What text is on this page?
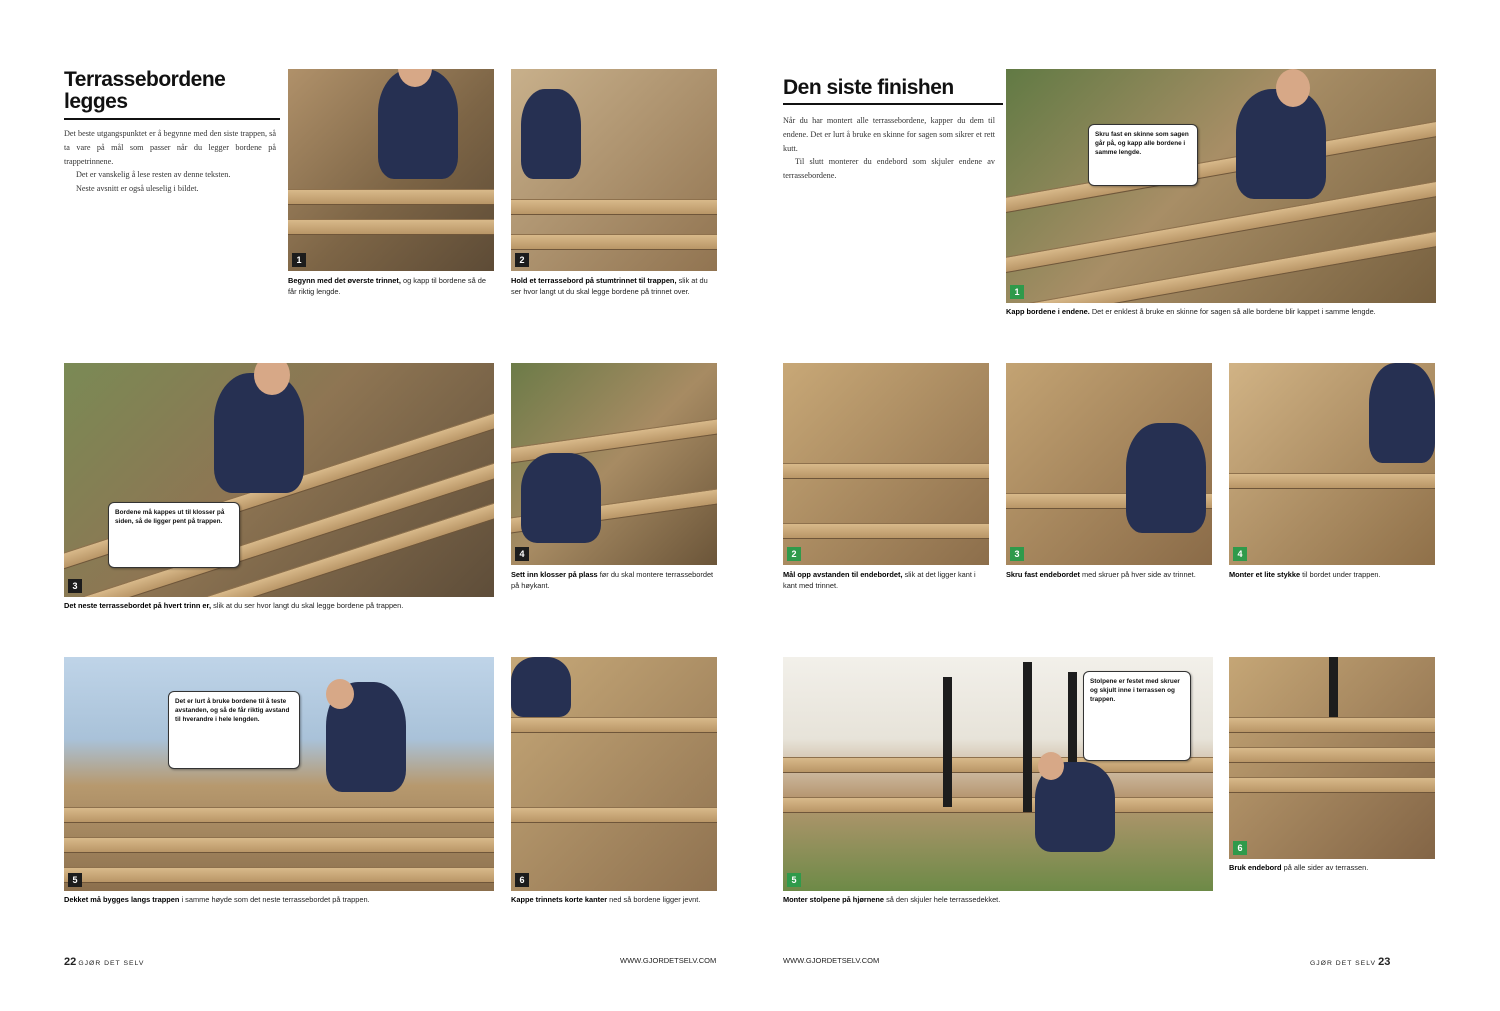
Terrassebordene legges

Det beste utgangspunktet er å begynne med den siste trappen, så ta vare på mål som passer når du legger bordene på trappetrinnene.

Det er vanskelig å lese resten av denne teksten.

Neste avsnitt er også uleselig i bildet.

1
Begynn med det øverste trinnet, og kapp til bordene så de får riktig lengde.
2
Hold et terrassebord på stumtrinnet til trappen, slik at du ser hvor langt ut du skal legge bordene på trinnet over.
Bordene må kappes ut til klosser på siden, så de ligger pent på trappen.
3
Det neste terrassebordet på hvert trinn er, slik at du ser hvor langt du skal legge bordene på trappen.
4
Sett inn klosser på plass før du skal montere terrassebordet på høykant.
Det er lurt å bruke bordene til å teste avstanden, og så de får riktig avstand til hverandre i hele lengden.
5
Dekket må bygges langs trappen i samme høyde som det neste terrassebordet på trappen.
6
Kappe trinnets korte kanter ned så bordene ligger jevnt.
22 GJØR DET SELV	WWW.GJORDETSELV.COM
Den siste finishen

Når du har montert alle terrassebordene, kapper du dem til endene. Det er lurt å bruke en skinne for sagen som sikrer et rett kutt.

Til slutt monterer du endebord som skjuler endene av terrassebordene.

Skru fast en skinne som sagen går på, og kapp alle bordene i samme lengde.
1
Kapp bordene i endene. Det er enklest å bruke en skinne for sagen så alle bordene blir kappet i samme lengde.
2
Mål opp avstanden til endebordet, slik at det ligger kant i kant med trinnet.
3
Skru fast endebordet med skruer på hver side av trinnet.
4
Monter et lite stykke til bordet under trappen.
Stolpene er festet med skruer og skjult inne i terrassen og trappen.
5
Monter stolpene på hjørnene så den skjuler hele terrassedekket.
6
Bruk endebord på alle sider av terrassen.
WWW.GJORDETSELV.COM	GJØR DET SELV 23
